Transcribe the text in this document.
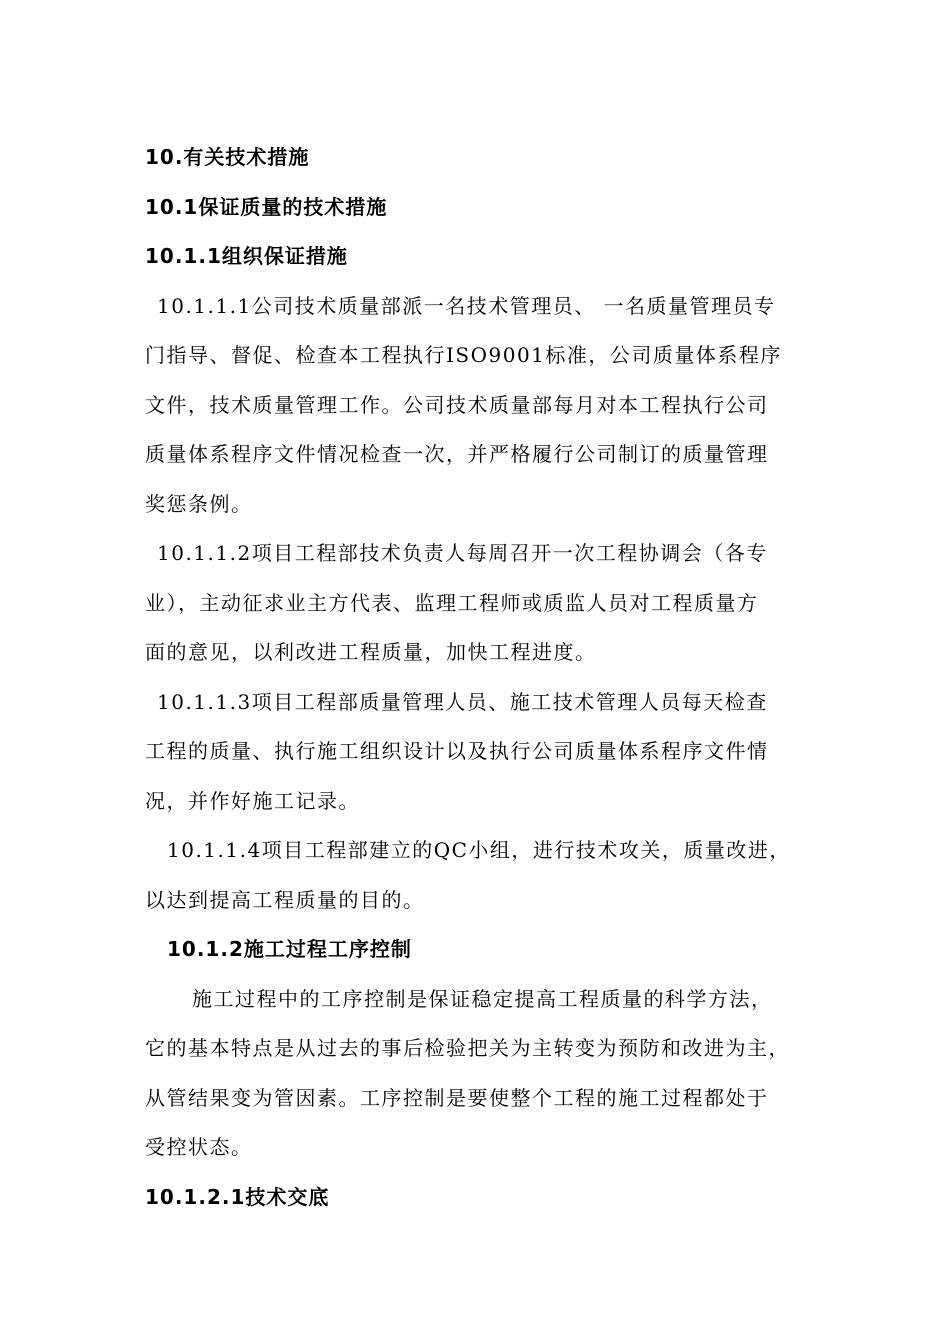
10.有关技术措施
10.1保证质量的技术措施
10.1.1组织保证措施
10.1.1.1公司技术质量部派一名技术管理员、 一名质量管理员专
门指导、督促、检查本工程执行ISO9001标准，公司质量体系程序
文件，技术质量管理工作。公司技术质量部每月对本工程执行公司
质量体系程序文件情况检查一次，并严格履行公司制订的质量管理
奖惩条例。
10.1.1.2项目工程部技术负责人每周召开一次工程协调会（各专
业），主动征求业主方代表、监理工程师或质监人员对工程质量方
面的意见，以利改进工程质量，加快工程进度。
10.1.1.3项目工程部质量管理人员、施工技术管理人员每天检查
工程的质量、执行施工组织设计以及执行公司质量体系程序文件情
况，并作好施工记录。
10.1.1.4项目工程部建立的QC小组，进行技术攻关，质量改进，
以达到提高工程质量的目的。
10.1.2施工过程工序控制
施工过程中的工序控制是保证稳定提高工程质量的科学方法，
它的基本特点是从过去的事后检验把关为主转变为预防和改进为主，
从管结果变为管因素。工序控制是要使整个工程的施工过程都处于
受控状态。
10.1.2.1技术交底
